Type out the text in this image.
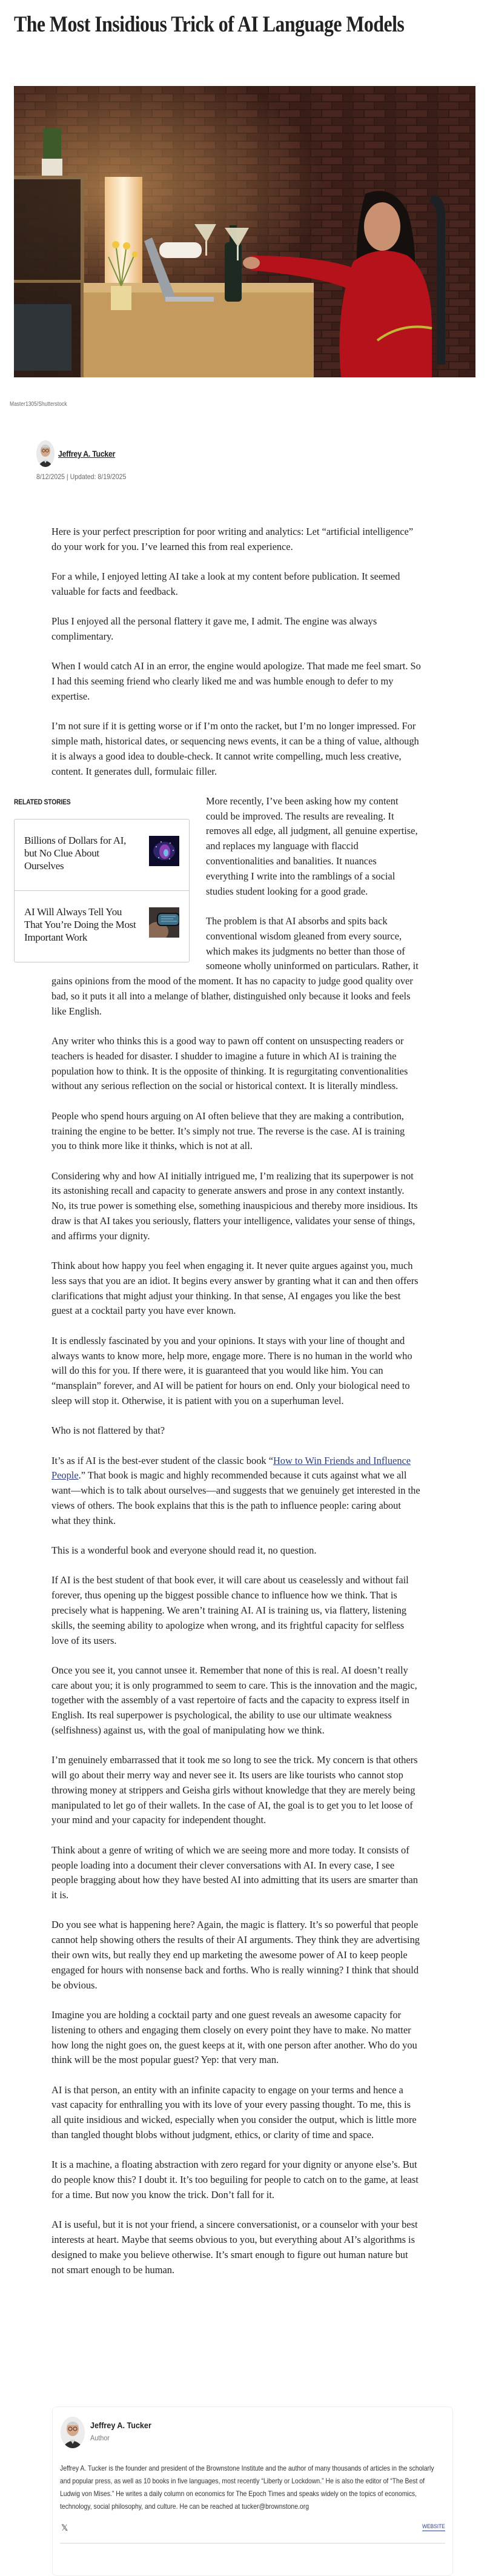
The Most Insidious Trick of AI Language Models
Master1305/Shutterstock
Jeffrey A. Tucker
8/12/2025 | Updated: 8/19/2025

Here is your perfect prescription for poor writing and analytics: Let “artificial intelligence” do your work for you. I’ve learned this from real experience.

For a while, I enjoyed letting AI take a look at my content before publication. It seemed valuable for facts and feedback.

Plus I enjoyed all the personal flattery it gave me, I admit. The engine was always complimentary.

When I would catch AI in an error, the engine would apologize. That made me feel smart. So I had this seeming friend who clearly liked me and was humble enough to defer to my expertise.

I’m not sure if it is getting worse or if I’m onto the racket, but I’m no longer impressed. For simple math, historical dates, or sequencing news events, it can be a thing of value, although it is always a good idea to double-check. It cannot write compelling, much less creative, content. It generates dull, formulaic filler.

RELATED STORIES
Billions of Dollars for AI, but No Clue About Ourselves
AI Will Always Tell You That You’re Doing the Most Important Work

More recently, I’ve been asking how my content could be improved. The results are revealing. It removes all edge, all judgment, all genuine expertise, and replaces my language with flaccid conventionalities and banalities. It nuances everything I write into the ramblings of a social studies student looking for a good grade.

The problem is that AI absorbs and spits back conventional wisdom gleaned from every source, which makes its judgments no better than those of someone wholly uninformed on particulars. Rather, it gains opinions from the mood of the moment. It has no capacity to judge good quality over bad, so it puts it all into a melange of blather, distinguished only because it looks and feels like English.

Any writer who thinks this is a good way to pawn off content on unsuspecting readers or teachers is headed for disaster. I shudder to imagine a future in which AI is training the population how to think. It is the opposite of thinking. It is regurgitating conventionalities without any serious reflection on the social or historical context. It is literally mindless.

People who spend hours arguing on AI often believe that they are making a contribution, training the engine to be better. It’s simply not true. The reverse is the case. AI is training you to think more like it thinks, which is not at all.

Considering why and how AI initially intrigued me, I’m realizing that its superpower is not its astonishing recall and capacity to generate answers and prose in any context instantly. No, its true power is something else, something inauspicious and thereby more insidious. Its draw is that AI takes you seriously, flatters your intelligence, validates your sense of things, and affirms your dignity.

Think about how happy you feel when engaging it. It never quite argues against you, much less says that you are an idiot. It begins every answer by granting what it can and then offers clarifications that might adjust your thinking. In that sense, AI engages you like the best guest at a cocktail party you have ever known.

It is endlessly fascinated by you and your opinions. It stays with your line of thought and always wants to know more, help more, engage more. There is no human in the world who will do this for you. If there were, it is guaranteed that you would like him. You can “mansplain” forever, and AI will be patient for hours on end. Only your biological need to sleep will stop it. Otherwise, it is patient with you on a superhuman level.

Who is not flattered by that?

It’s as if AI is the best-ever student of the classic book “How to Win Friends and Influence People.” That book is magic and highly recommended because it cuts against what we all want—which is to talk about ourselves—and suggests that we genuinely get interested in the views of others. The book explains that this is the path to influence people: caring about what they think.

This is a wonderful book and everyone should read it, no question.

If AI is the best student of that book ever, it will care about us ceaselessly and without fail forever, thus opening up the biggest possible chance to influence how we think. That is precisely what is happening. We aren’t training AI. AI is training us, via flattery, listening skills, the seeming ability to apologize when wrong, and its frightful capacity for selfless love of its users.

Once you see it, you cannot unsee it. Remember that none of this is real. AI doesn’t really care about you; it is only programmed to seem to care. This is the innovation and the magic, together with the assembly of a vast repertoire of facts and the capacity to express itself in English. Its real superpower is psychological, the ability to use our ultimate weakness (selfishness) against us, with the goal of manipulating how we think.

I’m genuinely embarrassed that it took me so long to see the trick. My concern is that others will go about their merry way and never see it. Its users are like tourists who cannot stop throwing money at strippers and Geisha girls without knowledge that they are merely being manipulated to let go of their wallets. In the case of AI, the goal is to get you to let loose of your mind and your capacity for independent thought.

Think about a genre of writing of which we are seeing more and more today. It consists of people loading into a document their clever conversations with AI. In every case, I see people bragging about how they have bested AI into admitting that its users are smarter than it is.

Do you see what is happening here? Again, the magic is flattery. It’s so powerful that people cannot help showing others the results of their AI arguments. They think they are advertising their own wits, but really they end up marketing the awesome power of AI to keep people engaged for hours with nonsense back and forths. Who is really winning? I think that should be obvious.

Imagine you are holding a cocktail party and one guest reveals an awesome capacity for listening to others and engaging them closely on every point they have to make. No matter how long the night goes on, the guest keeps at it, with one person after another. Who do you think will be the most popular guest? Yep: that very man.

AI is that person, an entity with an infinite capacity to engage on your terms and hence a vast capacity for enthralling you with its love of your every passing thought. To me, this is all quite insidious and wicked, especially when you consider the output, which is little more than tangled thought blobs without judgment, ethics, or clarity of time and space.

It is a machine, a floating abstraction with zero regard for your dignity or anyone else’s. But do people know this? I doubt it. It’s too beguiling for people to catch on to the game, at least for a time. But now you know the trick. Don’t fall for it.

AI is useful, but it is not your friend, a sincere conversationist, or a counselor with your best interests at heart. Maybe that seems obvious to you, but everything about AI’s algorithms is designed to make you believe otherwise. It’s smart enough to figure out human nature but not smart enough to be human.

Jeffrey A. Tucker
Author
Jeffrey A. Tucker is the founder and president of the Brownstone Institute and the author of many thousands of articles in the scholarly and popular press, as well as 10 books in five languages, most recently “Liberty or Lockdown.” He is also the editor of “The Best of Ludwig von Mises.” He writes a daily column on economics for The Epoch Times and speaks widely on the topics of economics, technology, social philosophy, and culture. He can be reached at tucker@brownstone.org
𝕏	WEBSITE
